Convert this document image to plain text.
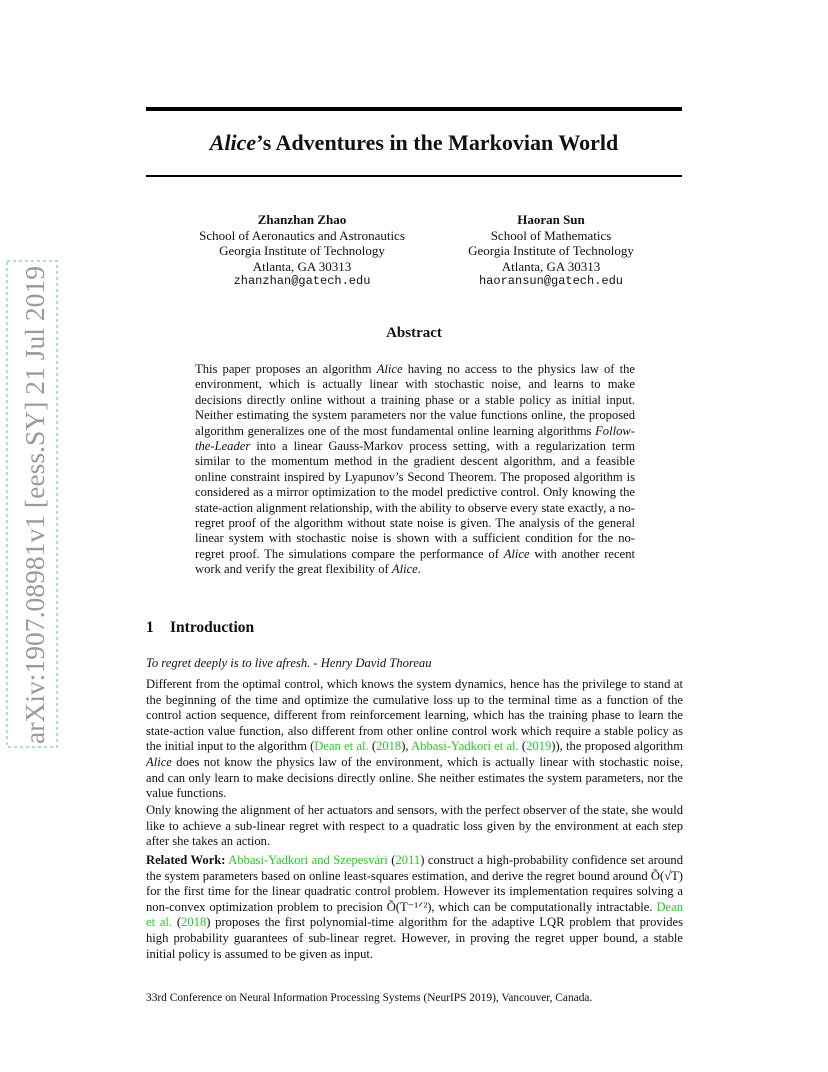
arXiv:1907.08981v1 [eess.SY] 21 Jul 2019
Alice’s Adventures in the Markovian World
Zhanzhan Zhao
School of Aeronautics and Astronautics
Georgia Institute of Technology
Atlanta, GA 30313
zhanzhan@gatech.edu
Haoran Sun
School of Mathematics
Georgia Institute of Technology
Atlanta, GA 30313
haoransun@gatech.edu
Abstract
This paper proposes an algorithm Alice having no access to the physics law of the environment, which is actually linear with stochastic noise, and learns to make decisions directly online without a training phase or a stable policy as initial input. Neither estimating the system parameters nor the value functions online, the proposed algorithm generalizes one of the most fundamental online learning algorithms Follow-the-Leader into a linear Gauss-Markov process setting, with a regularization term similar to the momentum method in the gradient descent algorithm, and a feasible online constraint inspired by Lyapunov’s Second Theorem. The proposed algorithm is considered as a mirror optimization to the model predictive control. Only knowing the state-action alignment relationship, with the ability to observe every state exactly, a no-regret proof of the algorithm without state noise is given. The analysis of the general linear system with stochastic noise is shown with a sufficient condition for the no-regret proof. The simulations compare the performance of Alice with another recent work and verify the great flexibility of Alice.
1 Introduction
To regret deeply is to live afresh. - Henry David Thoreau
Different from the optimal control, which knows the system dynamics, hence has the privilege to stand at the beginning of the time and optimize the cumulative loss up to the terminal time as a function of the control action sequence, different from reinforcement learning, which has the training phase to learn the state-action value function, also different from other online control work which require a stable policy as the initial input to the algorithm (Dean et al. (2018), Abbasi-Yadkori et al. (2019)), the proposed algorithm Alice does not know the physics law of the environment, which is actually linear with stochastic noise, and can only learn to make decisions directly online. She neither estimates the system parameters, nor the value functions.
Only knowing the alignment of her actuators and sensors, with the perfect observer of the state, she would like to achieve a sub-linear regret with respect to a quadratic loss given by the environment at each step after she takes an action.
Related Work: Abbasi-Yadkori and Szepesvári (2011) construct a high-probability confidence set around the system parameters based on online least-squares estimation, and derive the regret bound around Õ(√T) for the first time for the linear quadratic control problem. However its implementation requires solving a non-convex optimization problem to precision Õ(T⁻¹ᐟ²), which can be computationally intractable. Dean et al. (2018) proposes the first polynomial-time algorithm for the adaptive LQR problem that provides high probability guarantees of sub-linear regret. However, in proving the regret upper bound, a stable initial policy is assumed to be given as input.
33rd Conference on Neural Information Processing Systems (NeurIPS 2019), Vancouver, Canada.
